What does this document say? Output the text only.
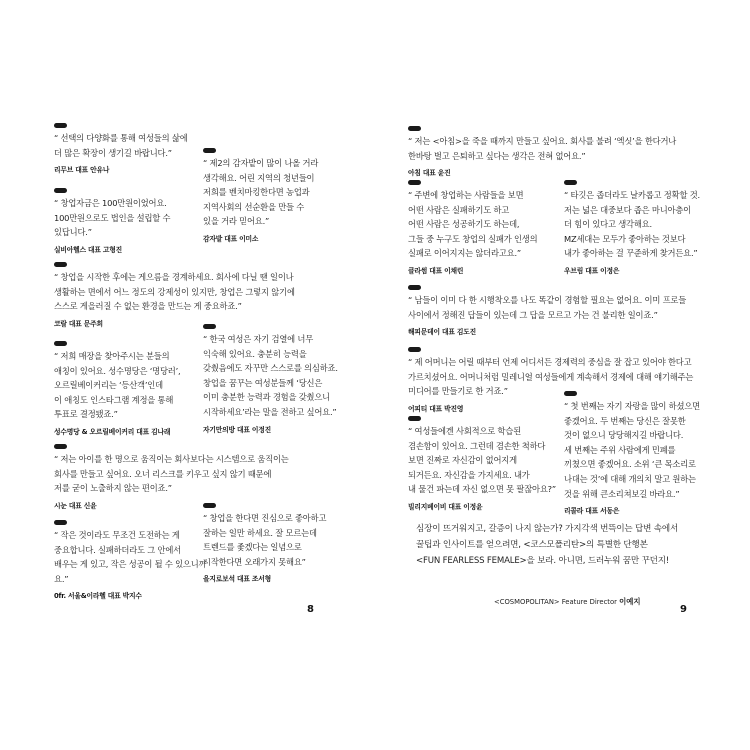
“ 선택의 다양화를 통해 여성들의 삶에
더 많은 확장이 생기길 바랍니다.”
리무브 대표 안유나
“ 제2의 감자밭이 많이 나올 거라
생각해요. 어린 지역의 청년들이
저희를 벤치마킹한다면 농업과
지역사회의 선순환을 만들 수
있을 거라 믿어요.”
감자밭 대표 이미소
“ 창업자금은 100만원이었어요.
100만원으로도 법인을 설립할 수
있답니다.”
실비아헬스 대표 고형진
“ 창업을 시작한 후에는 게으름을 경계하세요. 회사에 다닐 땐 일이나
생활하는 면에서 어느 정도의 강제성이 있지만, 창업은 그렇지 않기에
스스로 게을러질 수 없는 환경을 만드는 게 중요하죠.”
코랄 대표 문주희
“ 저희 매장을 찾아주시는 분들의
애칭이 있어요. 성수명당은 ‘명당러’,
오르릴베이커리는 ‘등산객’인데
이 애칭도 인스타그램 계정을 통해
투표로 결정됐죠.”
성수명당 & 오르릴베이커리 대표 김나래
“ 한국 여성은 자기 검열에 너무
익숙해 있어요. 충분히 능력을
갖췄음에도 자꾸만 스스로를 의심하죠.
창업을 꿈꾸는 여성분들께 ‘당신은
이미 충분한 능력과 경험을 갖췄으니
시작하세요’라는 말을 전하고 싶어요.”
자기만의방 대표 이정진
“ 저는 아이를 한 명으로 움직이는 회사보다는 시스템으로 움직이는
회사를 만들고 싶어요. 오너 리스크를 키우고 싶지 않기 때문에
저를 굳이 노출하지 않는 편이죠.”
시눈 대표 신윤
“ 작은 것이라도 무조건 도전하는 게
중요합니다. 실패하더라도 그 안에서
배우는 게 있고, 작은 성공이 될 수 있으니까요.”
0fr. 서울&이라헬 대표 박지수
“ 창업을 한다면 진심으로 좋아하고
잘하는 일만 하세요. 잘 모르는데
트렌드를 좇겠다는 일념으로
시작한다면 오래가지 못해요”
을지로보석 대표 조서형
8
“ 저는 <아침>을 죽을 때까지 만들고 싶어요. 회사를 불려 ‘엑싯’을 한다거나
한바탕 벌고 은퇴하고 싶다는 생각은 전혀 없어요.”
아침 대표 윤진
“ 주변에 창업하는 사람들을 보면
어떤 사람은 실패하기도 하고
어떤 사람은 성공하기도 하는데,
그들 중 누구도 창업의 실패가 인생의
실패로 이어지지는 않더라고요.”
클라썸 대표 이채린
“ 타깃은 좁더라도 날카롭고 정확할 것.
저는 넓은 대중보다 좁은 마니아층이
더 힘이 있다고 생각해요.
MZ세대는 모두가 좋아하는 것보다
내가 좋아하는 걸 꾸준하게 찾거든요.”
우브림 대표 이정은
“ 남들이 이미 다 한 시행착오를 나도 똑같이 경험할 필요는 없어요. 이미 프로들
사이에서 정해진 답들이 있는데 그 답을 모르고 가는 건 불리한 일이죠.”
해피문데이 대표 김도진
“ 제 어머니는 어릴 때부터 언제 어디서든 경제력의 중심을 잘 잡고 있어야 한다고
가르치셨어요. 어머니처럼 밀레니얼 여성들에게 계속해서 경제에 대해 얘기해주는
미디어를 만들기로 한 거죠.”
어피티 대표 박진영
“ 여성들에겐 사회적으로 학습된
겸손함이 있어요. 그런데 겸손한 척하다
보면 진짜로 자신감이 없어지게
되거든요. 자신감을 가지세요. 내가
내 물건 파는데 자신 없으면 못 팔잖아요?”
빌리지베이비 대표 이정윤
“ 첫 번째는 자기 자랑을 많이 하셨으면
좋겠어요. 두 번째는 당신은 잘못한
것이 없으니 당당해지길 바랍니다.
세 번째는 주위 사람에게 민폐를
끼쳤으면 좋겠어요. 소위 ‘큰 목소리로
나대는 것’에 대해 개의치 말고 원하는
것을 위해 큰소리쳐보길 바라요.”
리콜라 대표 서동은
9
심장이 뜨거워지고, 갈증이 나지 않는가? 가지각색 번뜩이는 답변 속에서
꿀팁과 인사이트를 얻으려면, <코스모폴리탄>의 특별한 단행본
<FUN FEARLESS FEMALE>을 보라. 아니면, 드러누워 꿈만 꾸던지!
<COSMOPOLITAN> Feature Director 이예지
